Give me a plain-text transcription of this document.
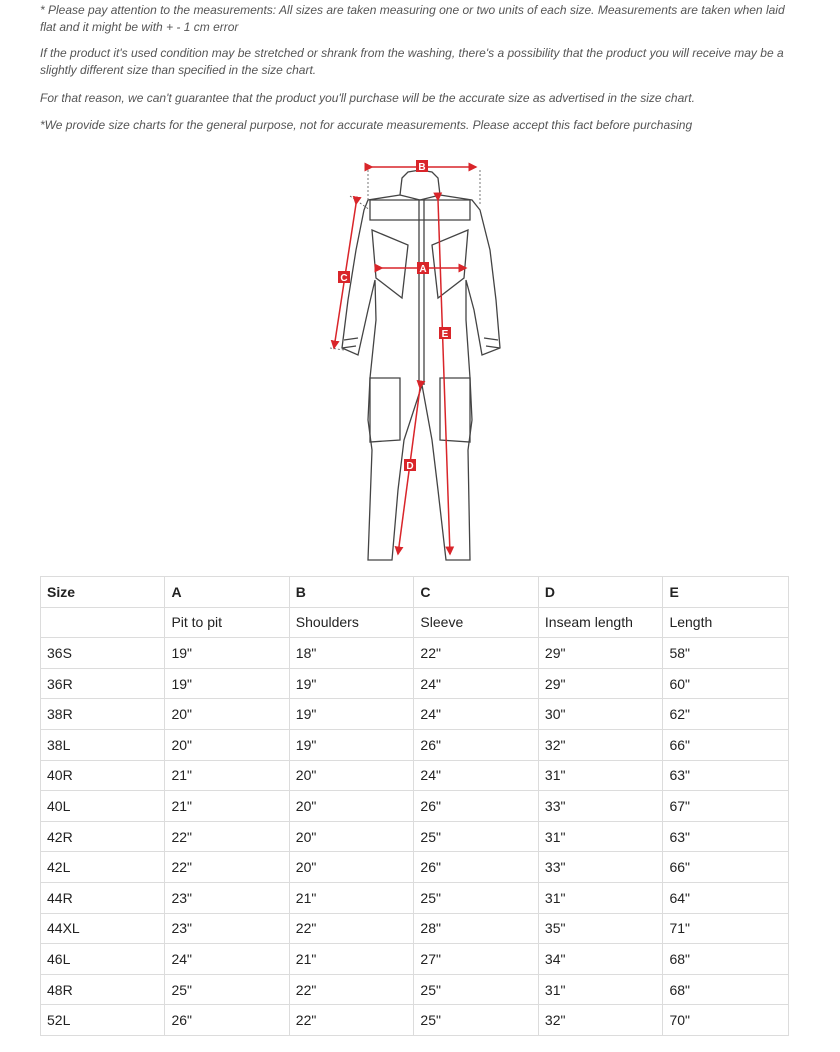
* Please pay attention to the measurements: All sizes are taken measuring one or two units of each size. Measurements are taken when laid flat and it might be with + - 1 cm error

If the product it's used condition may be stretched or shrank from the washing, there's a possibility that the product you will receive may be a slightly different size than specified in the size chart.

For that reason, we can't guarantee that the product you'll purchase will be the accurate size as advertised in the size chart.

*We provide size charts for the general purpose, not for accurate measurements. Please accept this fact before purchasing

B
A
C
D
E
Size	A	B	C	D	E
	Pit to pit	Shoulders	Sleeve	Inseam length	Length
36S	19"	18"	22"	29"	58"
36R	19"	19"	24"	29"	60"
38R	20"	19"	24"	30"	62"
38L	20"	19"	26"	32"	66"
40R	21"	20"	24"	31"	63"
40L	21"	20"	26"	33"	67"
42R	22"	20"	25"	31"	63"
42L	22"	20"	26"	33"	66"
44R	23"	21"	25"	31"	64"
44XL	23"	22"	28"	35"	71"
46L	24"	21"	27"	34"	68"
48R	25"	22"	25"	31"	68"
52L	26"	22"	25"	32"	70"
